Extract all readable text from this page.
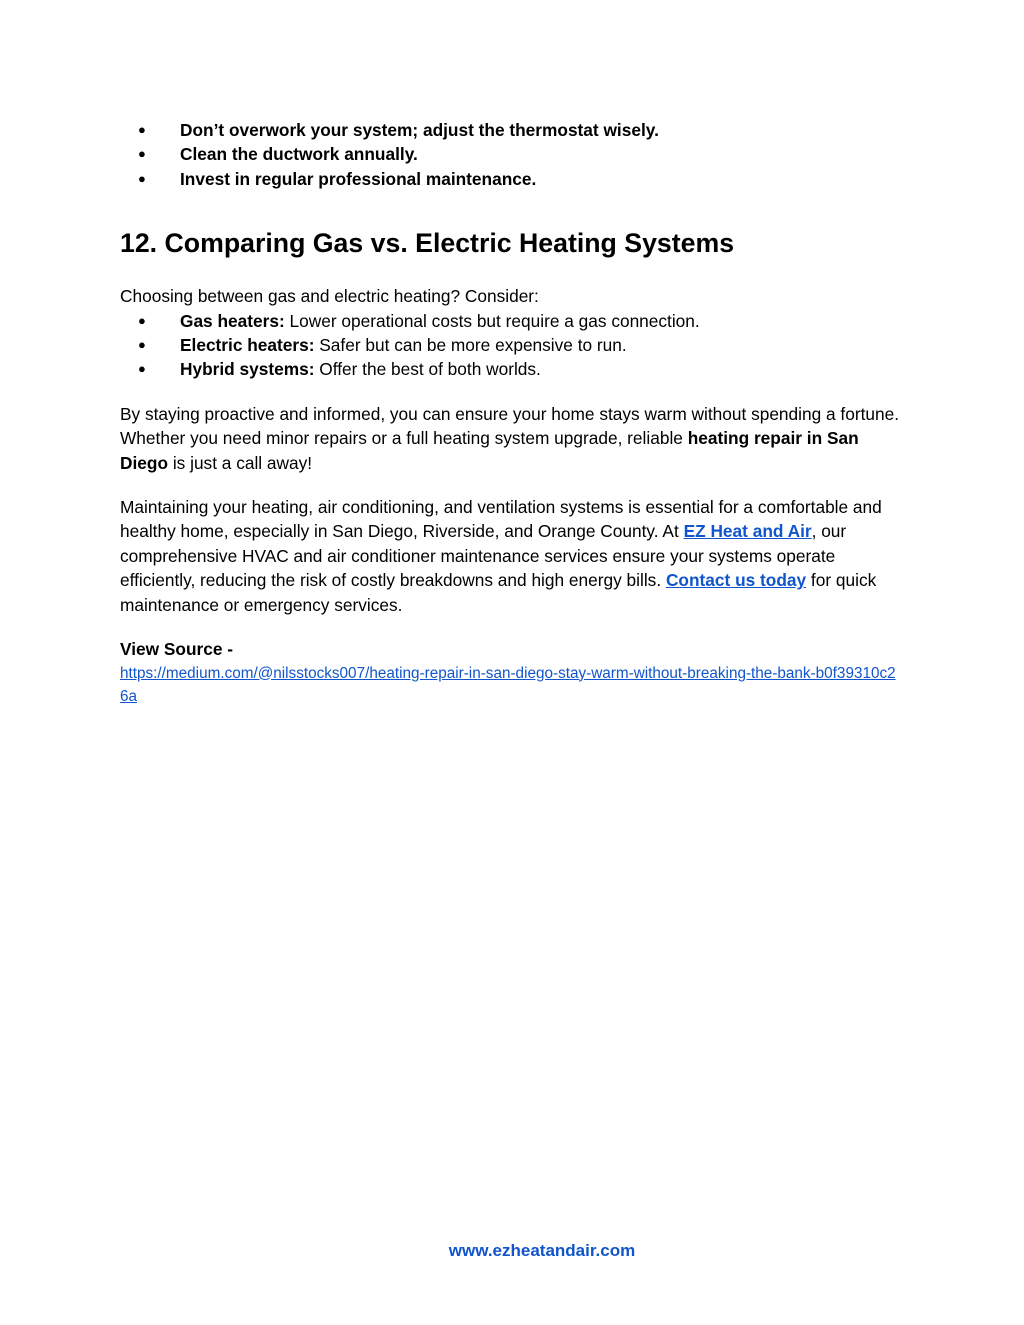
● Don’t overwork your system; adjust the thermostat wisely.
● Clean the ductwork annually.
● Invest in regular professional maintenance.
12. Comparing Gas vs. Electric Heating Systems

Choosing between gas and electric heating? Consider:

● Gas heaters: Lower operational costs but require a gas connection.
● Electric heaters: Safer but can be more expensive to run.
● Hybrid systems: Offer the best of both worlds.

By staying proactive and informed, you can ensure your home stays warm without spending a fortune. Whether you need minor repairs or a full heating system upgrade, reliable heating repair in San Diego is just a call away!

Maintaining your heating, air conditioning, and ventilation systems is essential for a comfortable and healthy home, especially in San Diego, Riverside, and Orange County. At EZ Heat and Air, our comprehensive HVAC and air conditioner maintenance services ensure your systems operate efficiently, reducing the risk of costly breakdowns and high energy bills. Contact us today for quick maintenance or emergency services.

View Source -
https://medium.com/@nilsstocks007/heating-repair-in-san-diego-stay-warm-without-breaking-the-bank-b0f39310c26a

www.ezheatandair.com
